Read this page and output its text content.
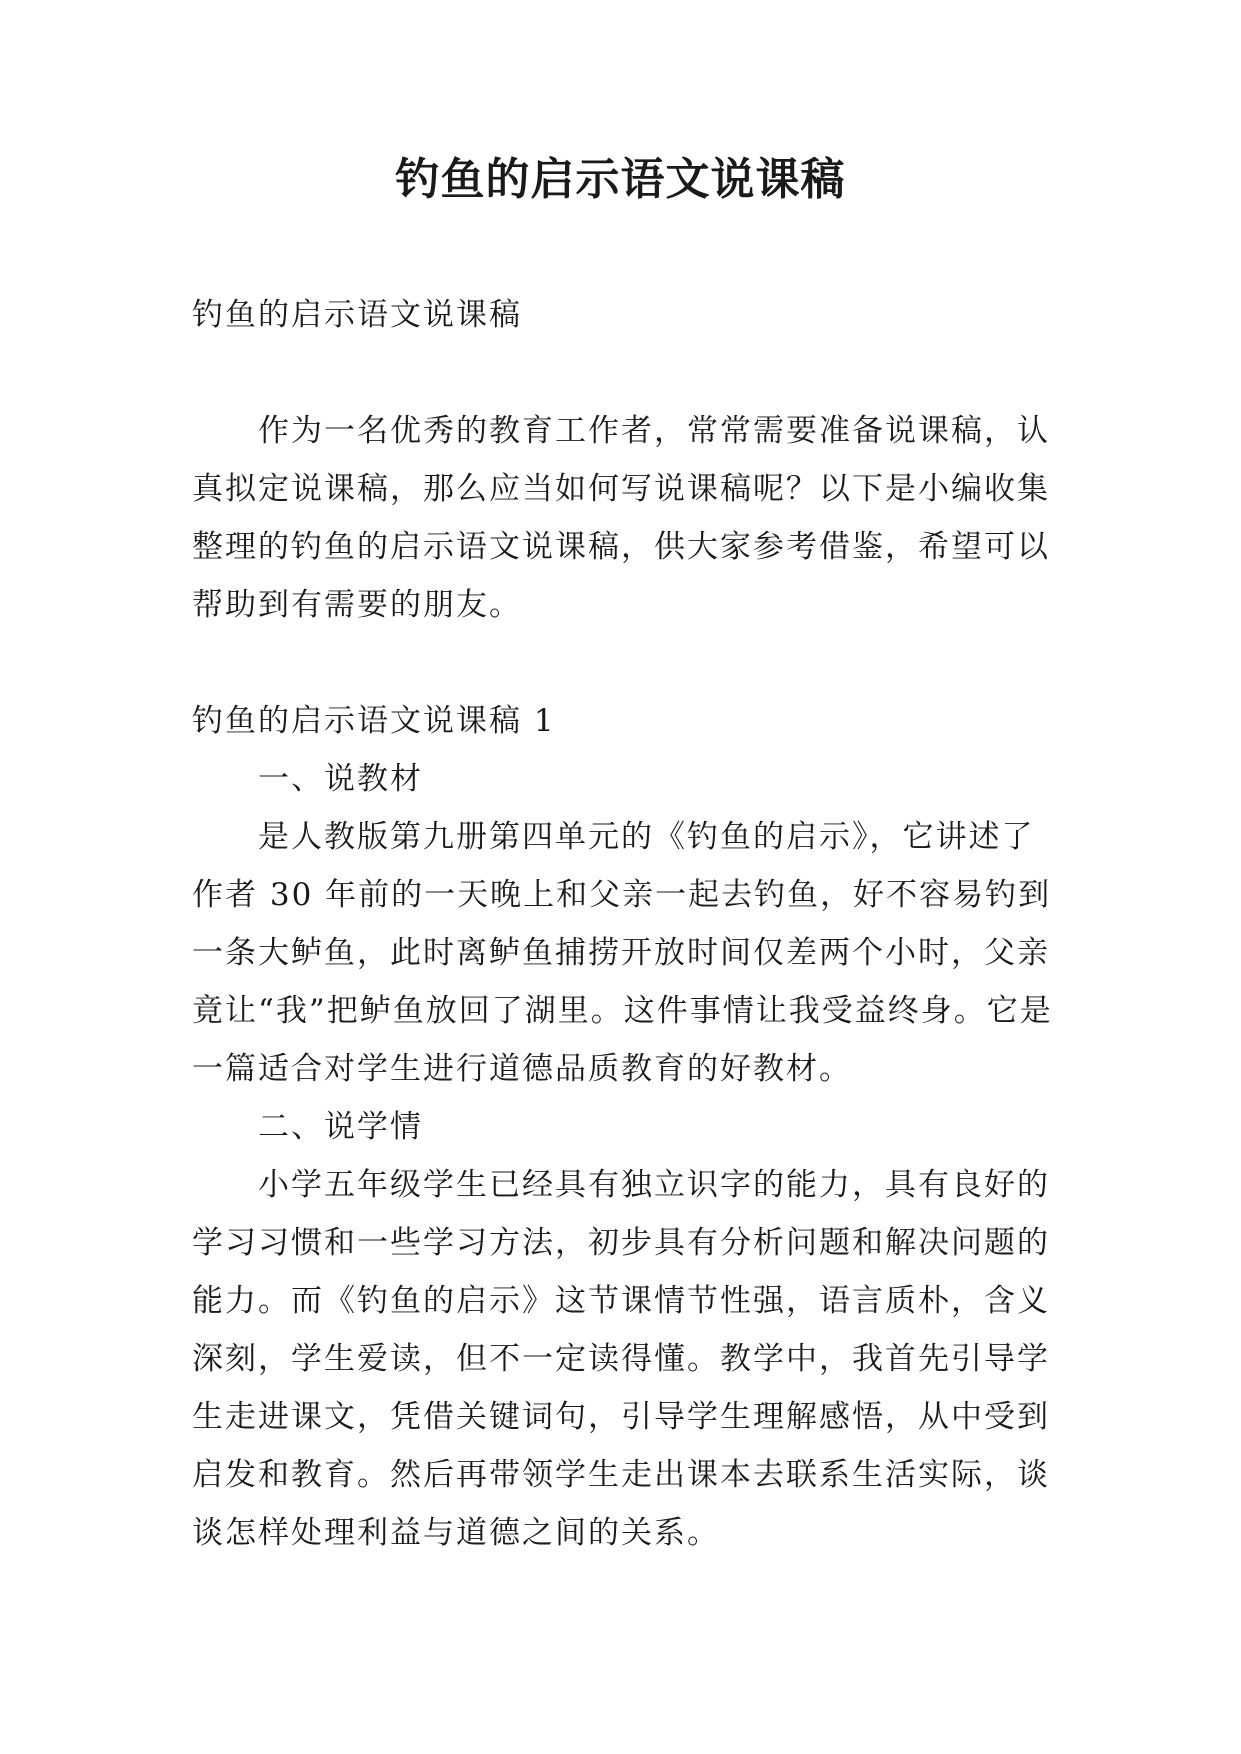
钓鱼的启示语文说课稿

钓鱼的启示语文说课稿

作为一名优秀的教育工作者，常常需要准备说课稿，认真拟定说课稿，那么应当如何写说课稿呢？以下是小编收集整理的钓鱼的启示语文说课稿，供大家参考借鉴，希望可以帮助到有需要的朋友。

钓鱼的启示语文说课稿 1

一、说教材

是人教版第九册第四单元的《钓鱼的启示》，它讲述了作者 30 年前的一天晚上和父亲一起去钓鱼，好不容易钓到一条大鲈鱼，此时离鲈鱼捕捞开放时间仅差两个小时，父亲竟让“我”把鲈鱼放回了湖里。这件事情让我受益终身。它是一篇适合对学生进行道德品质教育的好教材。

二、说学情

小学五年级学生已经具有独立识字的能力，具有良好的学习习惯和一些学习方法，初步具有分析问题和解决问题的能力。而《钓鱼的启示》这节课情节性强，语言质朴，含义深刻，学生爱读，但不一定读得懂。教学中，我首先引导学生走进课文，凭借关键词句，引导学生理解感悟，从中受到启发和教育。然后再带领学生走出课本去联系生活实际，谈谈怎样处理利益与道德之间的关系。
